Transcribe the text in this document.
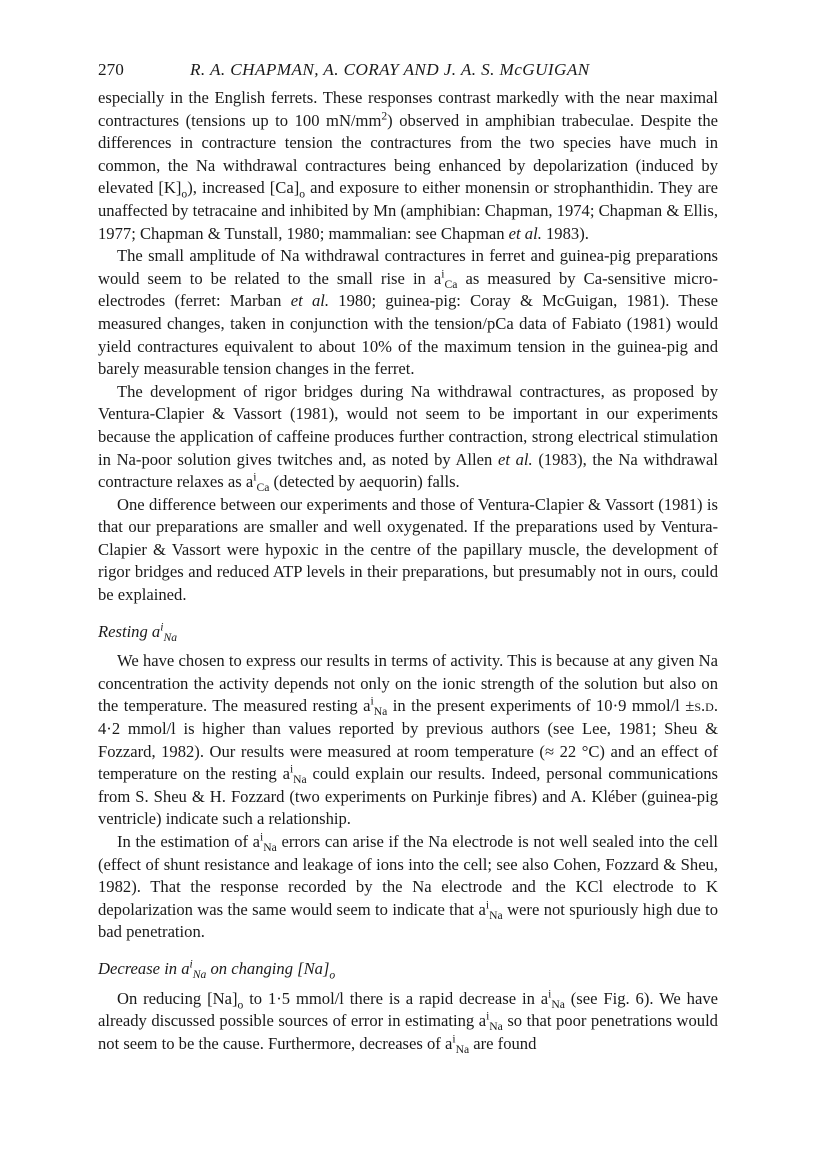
270	R. A. CHAPMAN, A. CORAY AND J. A. S. McGUIGAN

especially in the English ferrets. These responses contrast markedly with the near maximal contractures (tensions up to 100 $mN/mm^2$) observed in amphibian trabeculae. Despite the differences in contracture tension the contractures from the two species have much in common, the Na withdrawal contractures being enhanced by depolarization (induced by elevated $[K]_o$), increased $[Ca]_o$ and exposure to either monensin or strophanthidin. They are unaffected by tetracaine and inhibited by Mn (amphibian: Chapman, 1974; Chapman & Ellis, 1977; Chapman & Tunstall, 1980; mammalian: see Chapman et al. 1983).

The small amplitude of Na withdrawal contractures in ferret and guinea-pig preparations would seem to be related to the small rise in $a^i_{Ca}$ as measured by Ca-sensitive micro-electrodes (ferret: Marban et al. 1980; guinea-pig: Coray & McGuigan, 1981). These measured changes, taken in conjunction with the tension/pCa data of Fabiato (1981) would yield contractures equivalent to about 10% of the maximum tension in the guinea-pig and barely measurable tension changes in the ferret.

The development of rigor bridges during Na withdrawal contractures, as proposed by Ventura-Clapier & Vassort (1981), would not seem to be important in our experiments because the application of caffeine produces further contraction, strong electrical stimulation in Na-poor solution gives twitches and, as noted by Allen et al. (1983), the Na withdrawal contracture relaxes as $a^i_{Ca}$ (detected by aequorin) falls.

One difference between our experiments and those of Ventura-Clapier & Vassort (1981) is that our preparations are smaller and well oxygenated. If the preparations used by Ventura-Clapier & Vassort were hypoxic in the centre of the papillary muscle, the development of rigor bridges and reduced ATP levels in their preparations, but presumably not in ours, could be explained.

Resting $a^i_{Na}$

We have chosen to express our results in terms of activity. This is because at any given Na concentration the activity depends not only on the ionic strength of the solution but also on the temperature. The measured resting $a^i_{Na}$ in the present experiments of 10·9 mmol/l ±s.d. 4·2 mmol/l is higher than values reported by previous authors (see Lee, 1981; Sheu & Fozzard, 1982). Our results were measured at room temperature (≈ 22 °C) and an effect of temperature on the resting $a^i_{Na}$ could explain our results. Indeed, personal communications from S. Sheu & H. Fozzard (two experiments on Purkinje fibres) and A. Kléber (guinea-pig ventricle) indicate such a relationship.

In the estimation of $a^i_{Na}$ errors can arise if the Na electrode is not well sealed into the cell (effect of shunt resistance and leakage of ions into the cell; see also Cohen, Fozzard & Sheu, 1982). That the response recorded by the Na electrode and the KCl electrode to K depolarization was the same would seem to indicate that $a^i_{Na}$ were not spuriously high due to bad penetration.

Decrease in $a^i_{Na}$ on changing $[Na]_o$

On reducing $[Na]_o$ to 1·5 mmol/l there is a rapid decrease in $a^i_{Na}$ (see Fig. 6). We have already discussed possible sources of error in estimating $a^i_{Na}$ so that poor penetrations would not seem to be the cause. Furthermore, decreases of $a^i_{Na}$ are found
